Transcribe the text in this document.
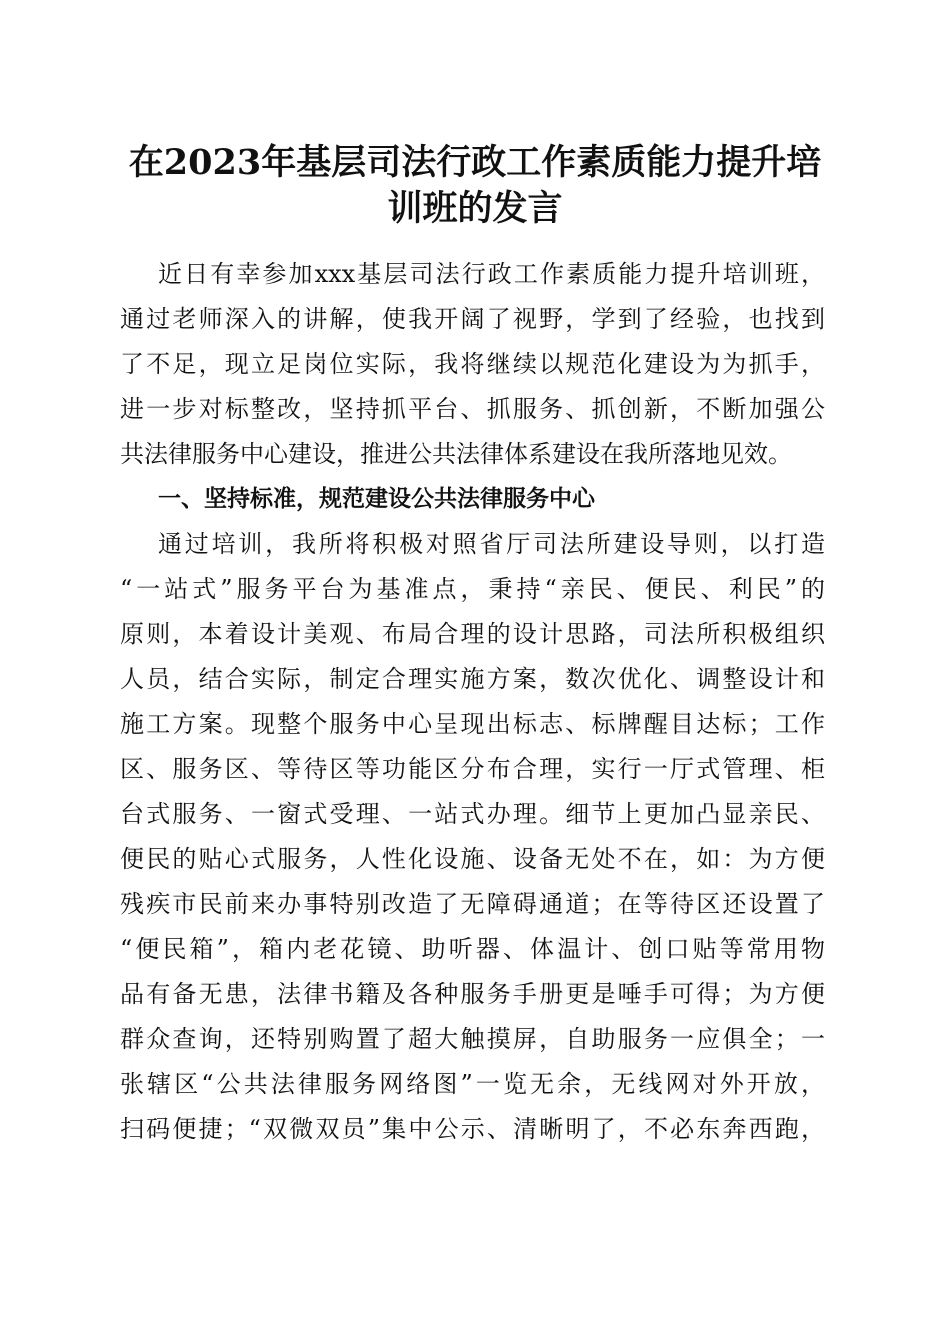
在2023年基层司法行政工作素质能力提升培
训班的发言
近日有幸参加xxx基层司法行政工作素质能力提升培训班，
通过老师深入的讲解，使我开阔了视野，学到了经验，也找到
了不足，现立足岗位实际，我将继续以规范化建设为为抓手，
进一步对标整改，坚持抓平台、抓服务、抓创新，不断加强公
共法律服务中心建设，推进公共法律体系建设在我所落地见效。
一、坚持标准，规范建设公共法律服务中心
通过培训，我所将积极对照省厅司法所建设导则，以打造
“一站式”服务平台为基准点，秉持“亲民、便民、利民”的
原则，本着设计美观、布局合理的设计思路，司法所积极组织
人员，结合实际，制定合理实施方案，数次优化、调整设计和
施工方案。现整个服务中心呈现出标志、标牌醒目达标；工作
区、服务区、等待区等功能区分布合理，实行一厅式管理、柜
台式服务、一窗式受理、一站式办理。细节上更加凸显亲民、
便民的贴心式服务，人性化设施、设备无处不在，如：为方便
残疾市民前来办事特别改造了无障碍通道；在等待区还设置了
“便民箱”，箱内老花镜、助听器、体温计、创口贴等常用物
品有备无患，法律书籍及各种服务手册更是唾手可得；为方便
群众查询，还特别购置了超大触摸屏，自助服务一应俱全；一
张辖区“公共法律服务网络图”一览无余，无线网对外开放，
扫码便捷；“双微双员”集中公示、清晰明了，不必东奔西跑，
